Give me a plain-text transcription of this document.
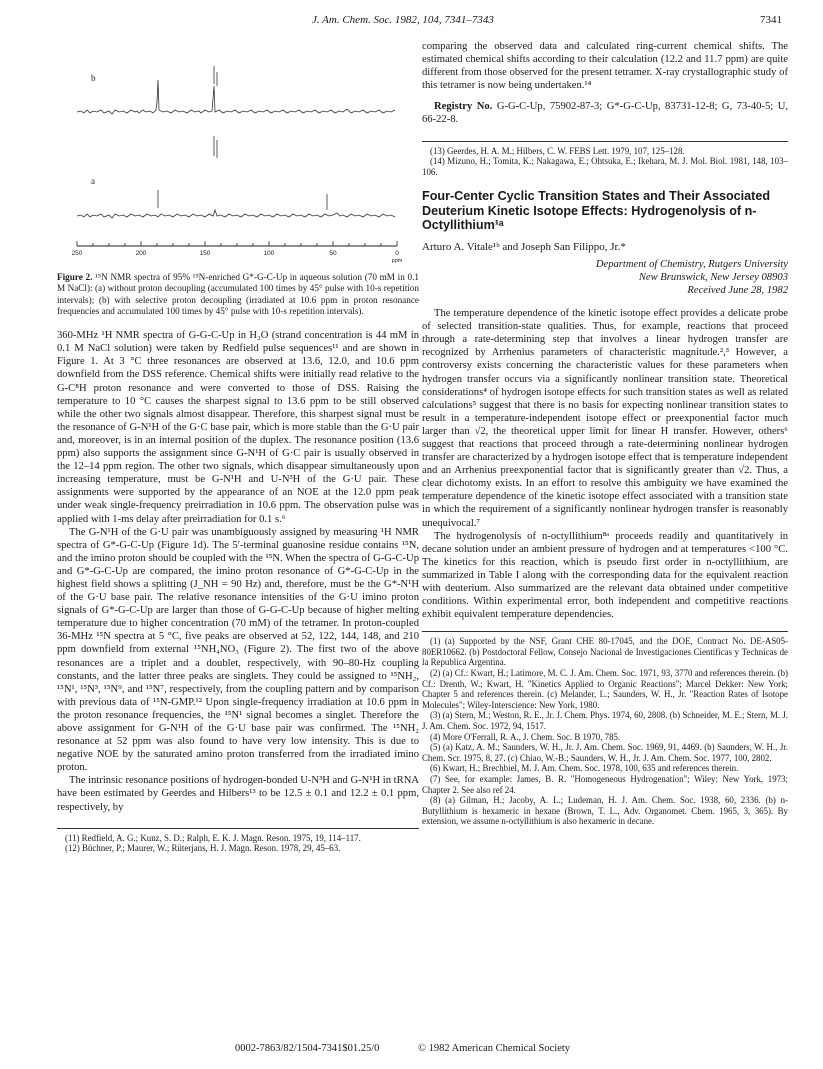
J. Am. Chem. Soc. 1982, 104, 7341–7343	7341
b
a
250	200	150	100	50	0
ppm
Figure 2. ¹⁵N NMR spectra of 95% ¹⁵N-enriched G*-G-C-Up in aqueous solution (70 mM in 0.1 M NaCl): (a) without proton decoupling (accumulated 100 times by 45° pulse with 10-s repetition intervals); (b) with selective proton decoupling (irradiated at 10.6 ppm in proton resonance frequencies and accumulated 100 times by 45° pulse with 10-s repetition intervals).

360-MHz ¹H NMR spectra of G-G-C-Up in H₂O (strand concentration is 44 mM in 0.1 M NaCl solution) were taken by Redfield pulse sequences¹¹ and are shown in Figure 1. At 3 °C three resonances are observed at 13.6, 12.0, and 10.6 ppm downfield from the DSS reference. Chemical shifts were initially read relative to the G-C⁸H proton resonance and were converted to those of DSS. Raising the temperature to 10 °C causes the sharpest signal to 13.6 ppm to be still observed while the other two signals almost disappear. Therefore, this sharpest signal must be the resonance of G-N¹H of the G·C base pair, which is more stable than the G·U pair and, moreover, is in an internal position of the duplex. The resonance position (13.6 ppm) also supports the assignment since G-N¹H of G·C pair is usually observed in the 12–14 ppm region. The other two signals, which disappear simultaneously upon increasing temperature, must be G-N¹H and U-N³H of the G·U pair. These assignments were supported by the appearance of an NOE at the 12.0 ppm peak under weak single-frequency preirradiation in 10.6 ppm. The observation pulse was applied with 1-ms delay after preirradiation for 0.1 s.⁶

The G-N¹H of the G·U pair was unambiguously assigned by measuring ¹H NMR spectra of G*-G-C-Up (Figure 1d). The 5′-terminal guanosine residue contains ¹⁵N, and the imino proton should be coupled with the ¹⁵N. When the spectra of G-G-C-Up and G*-G-C-Up are compared, the imino proton resonance of G*-G-C-Up in the highest field shows a splitting (J_NH = 90 Hz) and, therefore, must be the G*-N¹H of the G·U base pair. The relative resonance intensities of the G·U imino proton signals of G*-G-C-Up are larger than those of G-G-C-Up because of higher melting temperature due to higher concentration (70 mM) of the tetramer. In proton-coupled 36-MHz ¹⁵N spectra at 5 °C, five peaks are observed at 52, 122, 144, 148, and 210 ppm downfield from external ¹⁵NH₄NO₃ (Figure 2). The first two of the above resonances are a triplet and a doublet, respectively, with 90–80-Hz coupling constants, and the latter three peaks are singlets. They could be assigned to ¹⁵NH₂, ¹⁵N¹, ¹⁵N³, ¹⁵N⁹, and ¹⁵N⁷, respectively, from the coupling pattern and by comparison with previous data of ¹⁵N-GMP.¹² Upon single-frequency irradiation at 10.6 ppm in the proton resonance frequencies, the ¹⁵N¹ signal becomes a singlet. Therefore the above assignment for G-N¹H of the G·U base pair was confirmed. The ¹⁵NH₂ resonance at 52 ppm was also found to have very low intensity. This is due to negative NOE by the saturated amino proton transferred from the irradiated imino proton.

The intrinsic resonance positions of hydrogen-bonded U-N³H and G-N¹H in tRNA have been estimated by Geerdes and Hilbers¹³ to be 12.5 ± 0.1 and 12.2 ± 0.1 ppm, respectively, by

(11) Redfield, A. G.; Kunz, S. D.; Ralph, E. K. J. Magn. Reson. 1975, 19, 114–117.
(12) Büchner, P.; Maurer, W.; Rüterjans, H. J. Magn. Reson. 1978, 29, 45–63.

comparing the observed data and calculated ring-current chemical shifts. The estimated chemical shifts according to their calculation (12.2 and 11.7 ppm) are quite different from those observed for the present tetramer. X-ray crystallographic study of this tetramer is now being undertaken.¹⁴

Registry No. G-G-C-Up, 75902-87-3; G*-G-C-Up, 83731-12-8; G, 73-40-5; U, 66-22-8.

(13) Geerdes, H. A. M.; Hilbers, C. W. FEBS Lett. 1979, 107, 125–128.
(14) Mizuno, H.; Tomita, K.; Nakagawa, E.; Ohtsuka, E.; Ikehara, M. J. Mol. Biol. 1981, 148, 103–106.
Four-Center Cyclic Transition States and Their Associated Deuterium Kinetic Isotope Effects: Hydrogenolysis of n-Octyllithium¹ᵃ
Arturo A. Vitale¹ᵇ and Joseph San Filippo, Jr.*
Department of Chemistry, Rutgers University
New Brunswick, New Jersey 08903
Received June 28, 1982

The temperature dependence of the kinetic isotope effect provides a delicate probe of selected transition-state qualities. Thus, for example, reactions that proceed through a rate-determining step that involves a linear hydrogen transfer are recognized by Arrhenius parameters of characteristic magnitude.²,³ However, a controversy exists concerning the characteristic values for these parameters when hydrogen transfer occurs via a significantly nonlinear transition state. Theoretical considerations⁴ of hydrogen isotope effects for such transition states as well as related calculations⁵ suggest that there is no basis for expecting nonlinear transition states to result in a temperature-independent isotope effect or preexponential factor much larger than √2, the theoretical upper limit for linear H transfer. However, others⁶ suggest that reactions that proceed through a rate-determining nonlinear hydrogen transfer are characterized by a hydrogen isotope effect that is temperature independent and an Arrhenius preexponential factor that is significantly greater than √2. Thus, a clear dichotomy exists. In an effort to resolve this ambiguity we have examined the temperature dependence of the kinetic isotope effect associated with a transition state in which the requirement of a significantly nonlinear hydrogen transfer is reasonably unequivocal.⁷

The hydrogenolysis of n-octyllithium⁸ᵃ proceeds readily and quantitatively in decane solution under an ambient pressure of hydrogen and at temperatures <100 °C. The kinetics for this reaction, which is pseudo first order in n-octyllithium, are summarized in Table I along with the corresponding data for the equivalent reaction with deuterium. Also summarized are the relevant data obtained under competitive conditions. Within experimental error, both independent and competitive reactions exhibit equivalent temperature dependencies.

(1) (a) Supported by the NSF, Grant CHE 80-17045, and the DOE, Contract No. DE-AS05-80ER10662. (b) Postdoctoral Fellow, Consejo Nacional de Investigaciones Cientificas y Technicas de la Republica Argentina.
(2) (a) Cf.: Kwart, H.; Latimore, M. C. J. Am. Chem. Soc. 1971, 93, 3770 and references therein. (b) Cf.: Drenth, W.; Kwart, H. "Kinetics Applied to Organic Reactions"; Marcel Dekker: New York; Chapter 5 and references therein. (c) Melander, L.; Saunders, W. H., Jr. "Reaction Rates of Isotope Molecules"; Wiley-Interscience: New York, 1980.
(3) (a) Stern, M.; Weston, R. E., Jr. J. Chem. Phys. 1974, 60, 2808. (b) Schneider, M. E.; Stern, M. J. J. Am. Chem. Soc. 1972, 94, 1517.
(4) More O'Ferrall, R. A., J. Chem. Soc. B 1970, 785.
(5) (a) Katz, A. M.; Saunders, W. H., Jr. J. Am. Chem. Soc. 1969, 91, 4469. (b) Saunders, W. H., Jr. Chem. Scr. 1975, 8, 27. (c) Chiao, W.-B.; Saunders, W. H., Jr. J. Am. Chem. Soc. 1977, 100, 2802.
(6) Kwart, H.; Brechbiel, M. J. Am. Chem. Soc. 1978, 100, 635 and references therein.
(7) See, for example: James, B. R. "Homogeneous Hydrogenation"; Wiley: New York, 1973; Chapter 2. See also ref 24.
(8) (a) Gilman, H.; Jacoby, A. L.; Ludeman, H. J. Am. Chem. Soc. 1938, 60, 2336. (b) n-Butyllithium is hexameric in hexane (Brown, T. L., Adv. Organomet. Chem. 1965, 3, 365). By extension, we assume n-octyllithium is also hexameric in decane.
0002-7863/82/1504-7341$01.25/0	© 1982 American Chemical Society
